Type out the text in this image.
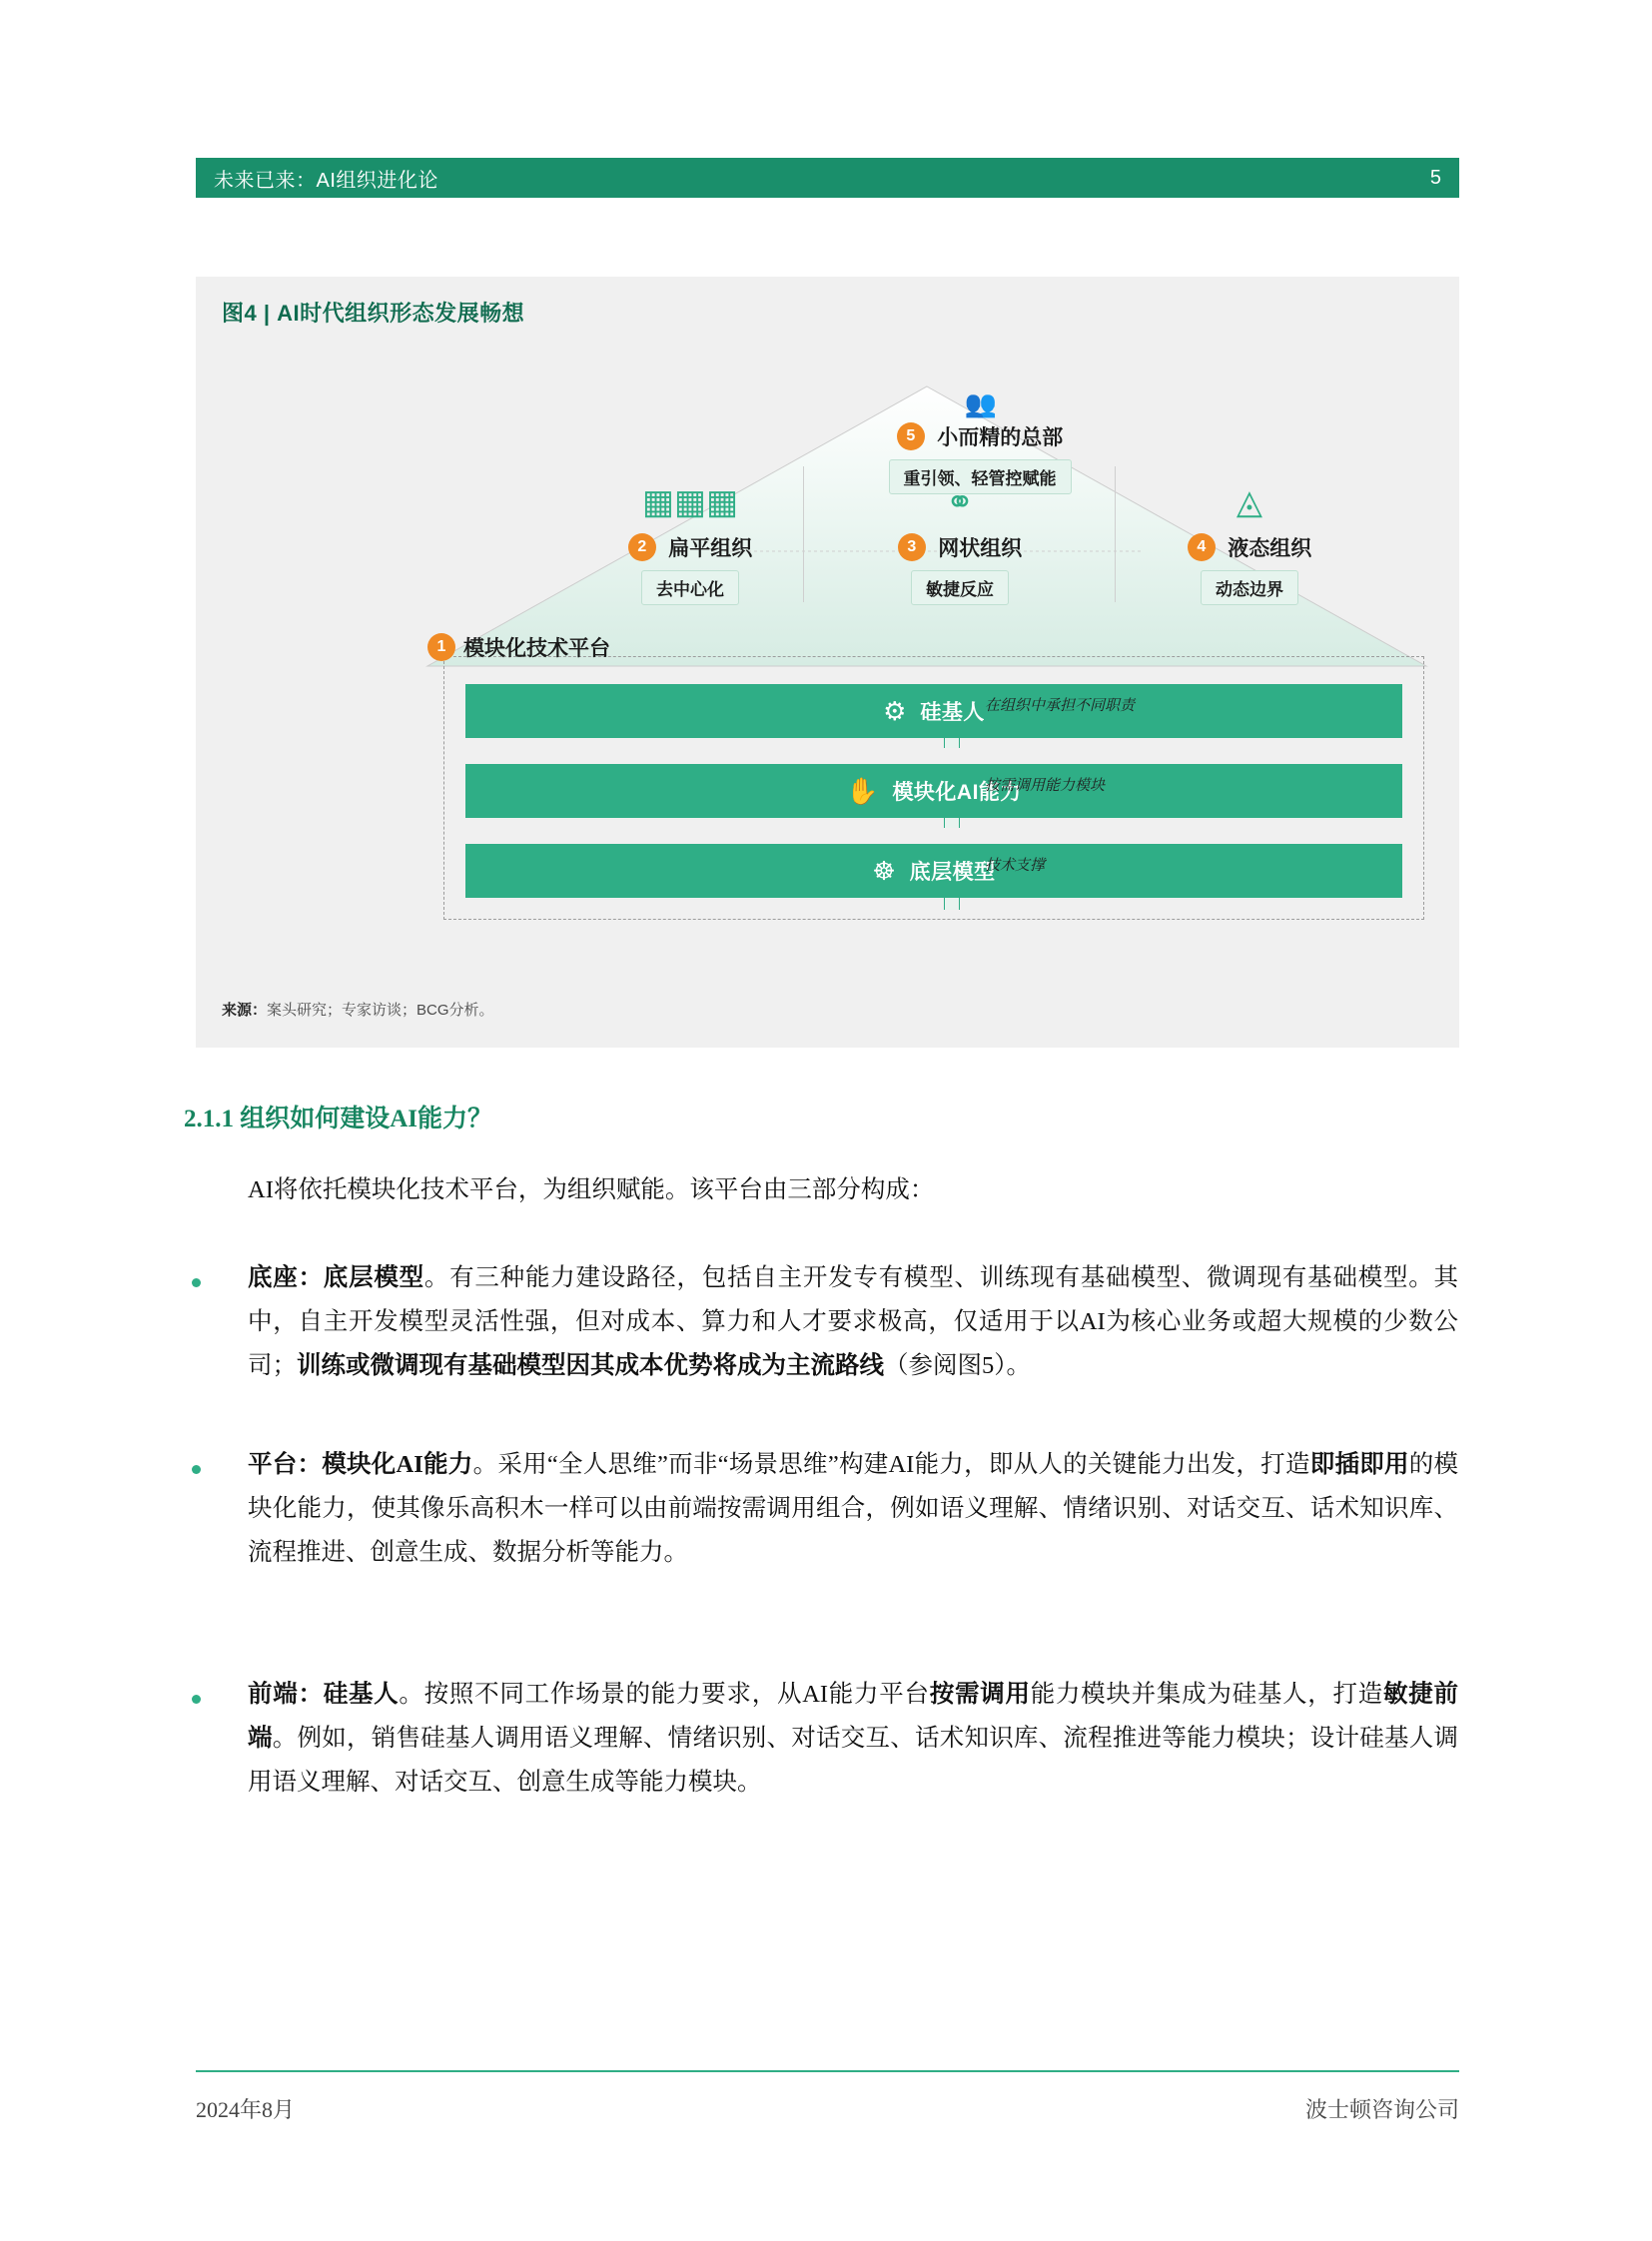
未来已来：AI组织进化论	5
图4 | AI时代组织形态发展畅想
👥
5 小而精的总部
重引领、轻管控赋能
▦▦▦
2 扁平组织
去中心化
⚭
3 网状组织
敏捷反应
◬
4 液态组织
动态边界
1 模块化技术平台
⚙ 硅基人 在组织中承担不同职责
✋ 模块化AI能力
按需调用能力模块
☸ 底层模型
技术支撑
来源：案头研究；专家访谈；BCG分析。
2.1.1 组织如何建设AI能力？
AI将依托模块化技术平台，为组织赋能。该平台由三部分构成：
底座：底层模型。有三种能力建设路径，包括自主开发专有模型、训练现有基础模型、微调现有基础模型。其中，自主开发模型灵活性强，但对成本、算力和人才要求极高，仅适用于以AI为核心业务或超大规模的少数公司；训练或微调现有基础模型因其成本优势将成为主流路线（参阅图5）。
平台：模块化AI能力。采用“全人思维”而非“场景思维”构建AI能力，即从人的关键能力出发，打造即插即用的模块化能力，使其像乐高积木一样可以由前端按需调用组合，例如语义理解、情绪识别、对话交互、话术知识库、流程推进、创意生成、数据分析等能力。
前端：硅基人。按照不同工作场景的能力要求，从AI能力平台按需调用能力模块并集成为硅基人，打造敏捷前端。例如，销售硅基人调用语义理解、情绪识别、对话交互、话术知识库、流程推进等能力模块；设计硅基人调用语义理解、对话交互、创意生成等能力模块。
2024年8月	波士顿咨询公司
